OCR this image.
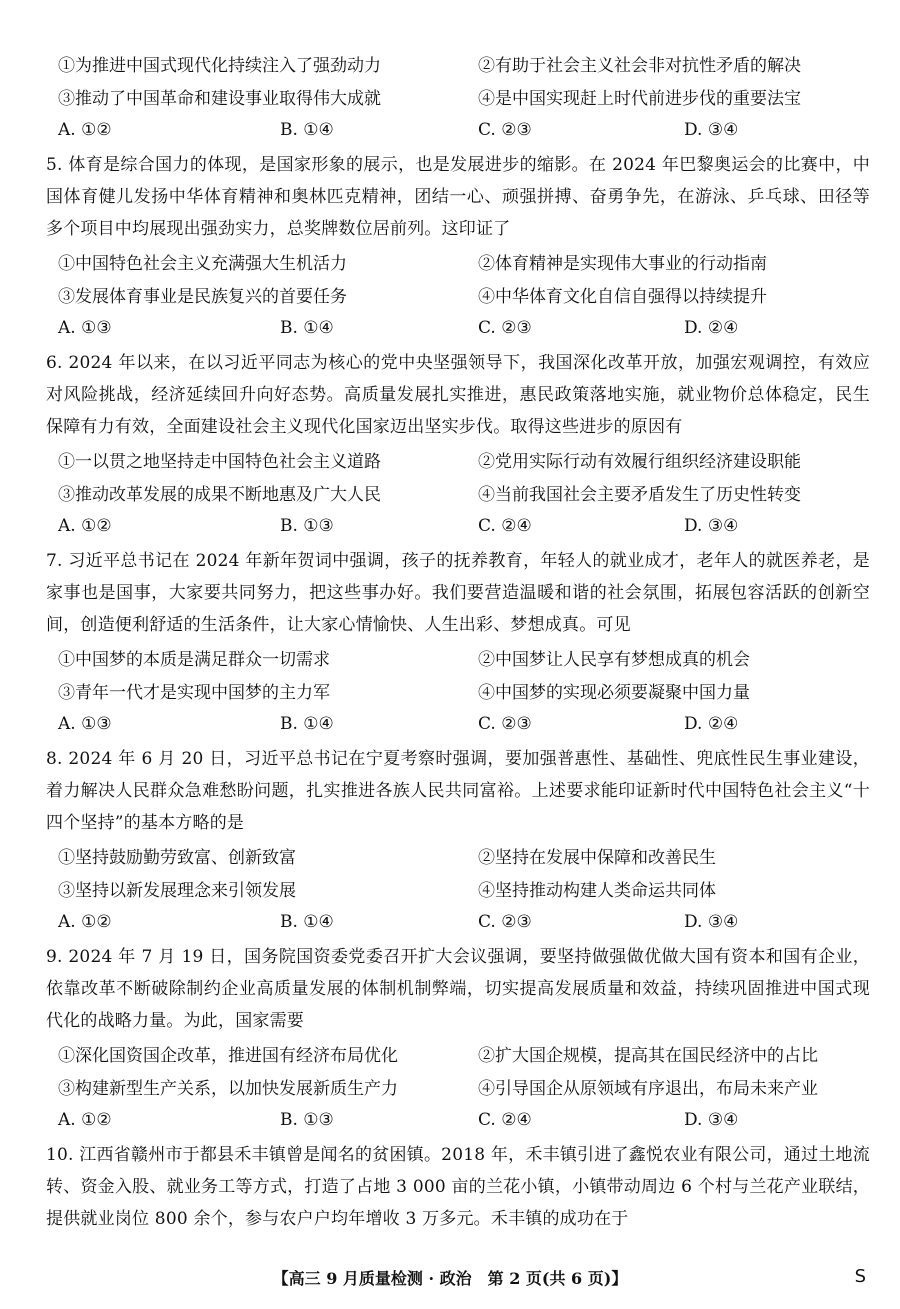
①为推进中国式现代化持续注入了强劲动力	②有助于社会主义社会非对抗性矛盾的解决
③推动了中国革命和建设事业取得伟大成就	④是中国实现赶上时代前进步伐的重要法宝
A. ①②	B. ①④	C. ②③	D. ③④
5. 体育是综合国力的体现，是国家形象的展示，也是发展进步的缩影。在 2024 年巴黎奥运会的比赛中，中国体育健儿发扬中华体育精神和奥林匹克精神，团结一心、顽强拼搏、奋勇争先，在游泳、乒乓球、田径等多个项目中均展现出强劲实力，总奖牌数位居前列。这印证了
①中国特色社会主义充满强大生机活力	②体育精神是实现伟大事业的行动指南
③发展体育事业是民族复兴的首要任务	④中华体育文化自信自强得以持续提升
A. ①③	B. ①④	C. ②③	D. ②④
6. 2024 年以来，在以习近平同志为核心的党中央坚强领导下，我国深化改革开放，加强宏观调控，有效应对风险挑战，经济延续回升向好态势。高质量发展扎实推进，惠民政策落地实施，就业物价总体稳定，民生保障有力有效，全面建设社会主义现代化国家迈出坚实步伐。取得这些进步的原因有
①一以贯之地坚持走中国特色社会主义道路	②党用实际行动有效履行组织经济建设职能
③推动改革发展的成果不断地惠及广大人民	④当前我国社会主要矛盾发生了历史性转变
A. ①②	B. ①③	C. ②④	D. ③④
7. 习近平总书记在 2024 年新年贺词中强调，孩子的抚养教育，年轻人的就业成才，老年人的就医养老，是家事也是国事，大家要共同努力，把这些事办好。我们要营造温暖和谐的社会氛围，拓展包容活跃的创新空间，创造便利舒适的生活条件，让大家心情愉快、人生出彩、梦想成真。可见
①中国梦的本质是满足群众一切需求	②中国梦让人民享有梦想成真的机会
③青年一代才是实现中国梦的主力军	④中国梦的实现必须要凝聚中国力量
A. ①③	B. ①④	C. ②③	D. ②④
8. 2024 年 6 月 20 日，习近平总书记在宁夏考察时强调，要加强普惠性、基础性、兜底性民生事业建设，着力解决人民群众急难愁盼问题，扎实推进各族人民共同富裕。上述要求能印证新时代中国特色社会主义“十四个坚持”的基本方略的是
①坚持鼓励勤劳致富、创新致富	②坚持在发展中保障和改善民生
③坚持以新发展理念来引领发展	④坚持推动构建人类命运共同体
A. ①②	B. ①④	C. ②③	D. ③④
9. 2024 年 7 月 19 日，国务院国资委党委召开扩大会议强调，要坚持做强做优做大国有资本和国有企业，依靠改革不断破除制约企业高质量发展的体制机制弊端，切实提高发展质量和效益，持续巩固推进中国式现代化的战略力量。为此，国家需要
①深化国资国企改革，推进国有经济布局优化	②扩大国企规模，提高其在国民经济中的占比
③构建新型生产关系，以加快发展新质生产力	④引导国企从原领域有序退出，布局未来产业
A. ①②	B. ①③	C. ②④	D. ③④
10. 江西省赣州市于都县禾丰镇曾是闻名的贫困镇。2018 年，禾丰镇引进了鑫悦农业有限公司，通过土地流转、资金入股、就业务工等方式，打造了占地 3 000 亩的兰花小镇，小镇带动周边 6 个村与兰花产业联结，提供就业岗位 800 余个，参与农户户均年增收 3 万多元。禾丰镇的成功在于
【高三 9 月质量检测 · 政治　第 2 页(共 6 页)】	S
